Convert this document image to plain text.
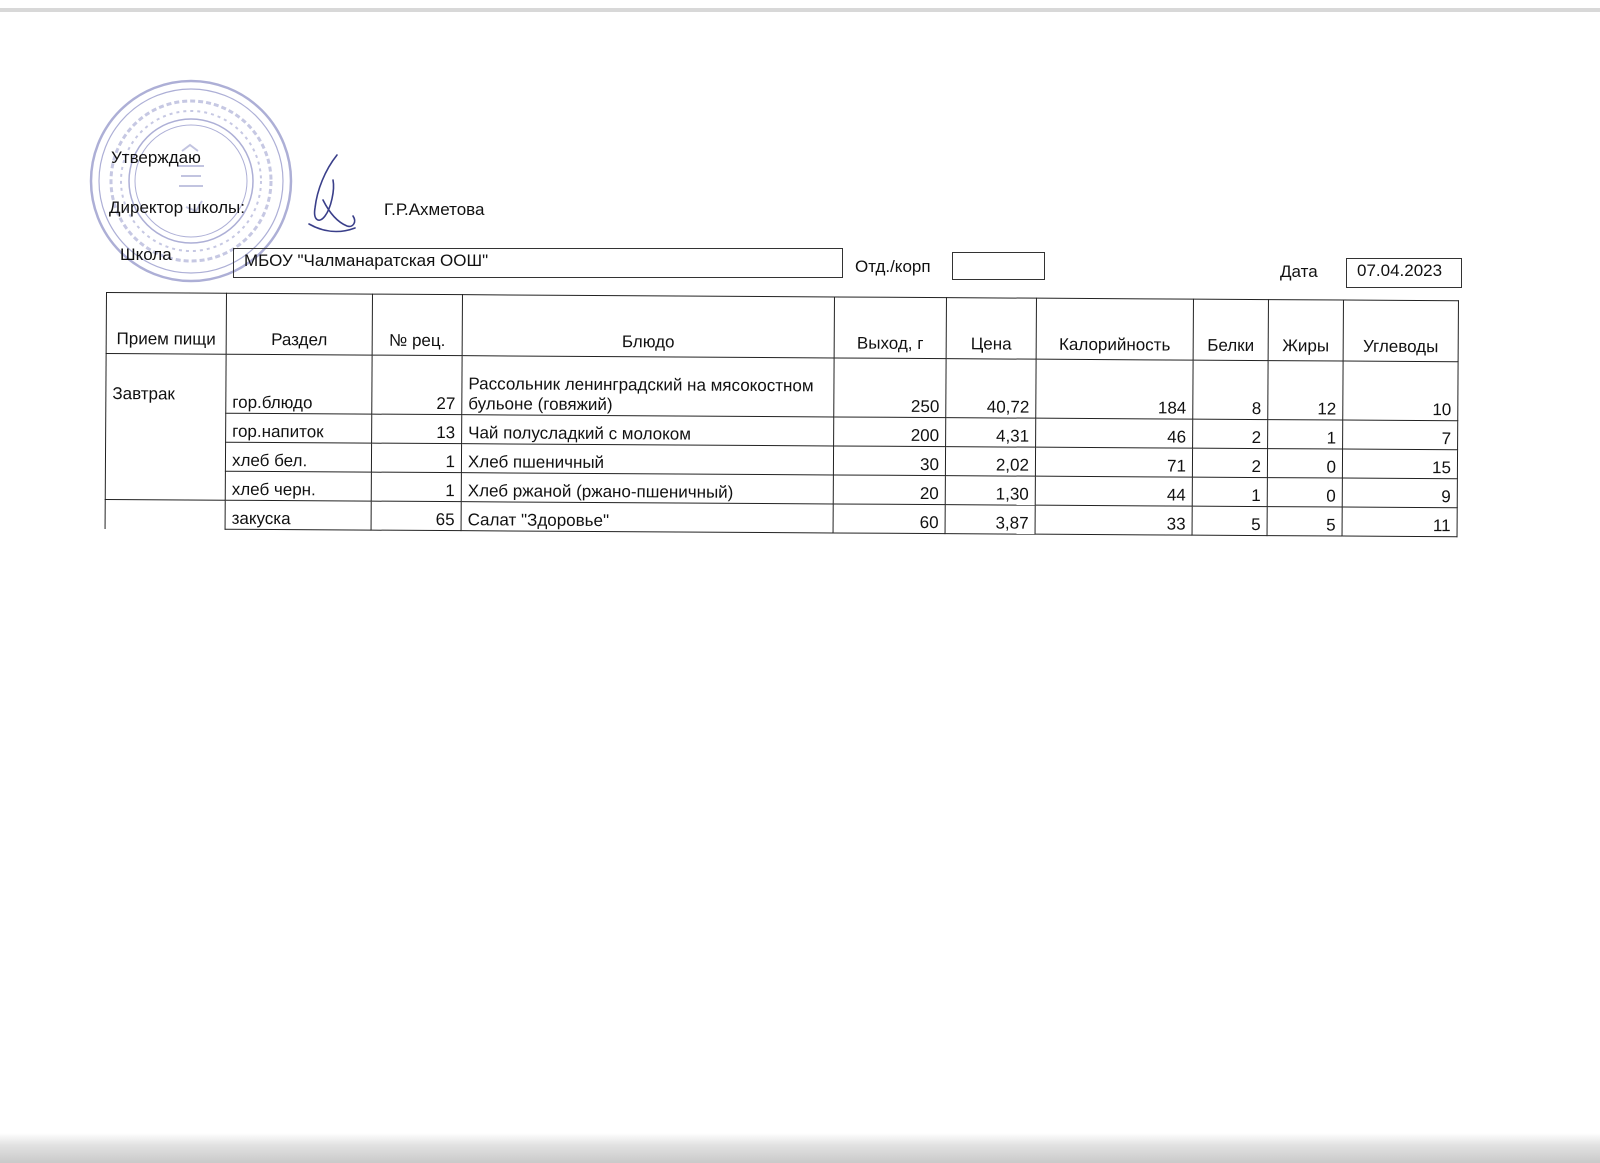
Утверждаю
Директор школы:	Г.Р.Ахметова
Школа	МБОУ "Чалманаратская ООШ"	Отд./корп	Дата	07.04.2023
Прием пищи	Раздел	№ рец.	Блюдо	Выход, г	Цена	Калорийность	Белки	Жиры	Углеводы
Завтрак	гор.блюдо	27	Рассольник ленинградский на мясокостном бульоне (говяжий)	250	40,72	184	8	12	10
	гор.напиток	13	Чай полусладкий с молоком	200	4,31	46	2	1	7
	хлеб бел.	1	Хлеб пшеничный	30	2,02	71	2	0	15
	хлеб черн.	1	Хлеб ржаной (ржано-пшеничный)	20	1,30	44	1	0	9
	закуска	65	Салат "Здоровье"	60	3,87	33	5	5	11
